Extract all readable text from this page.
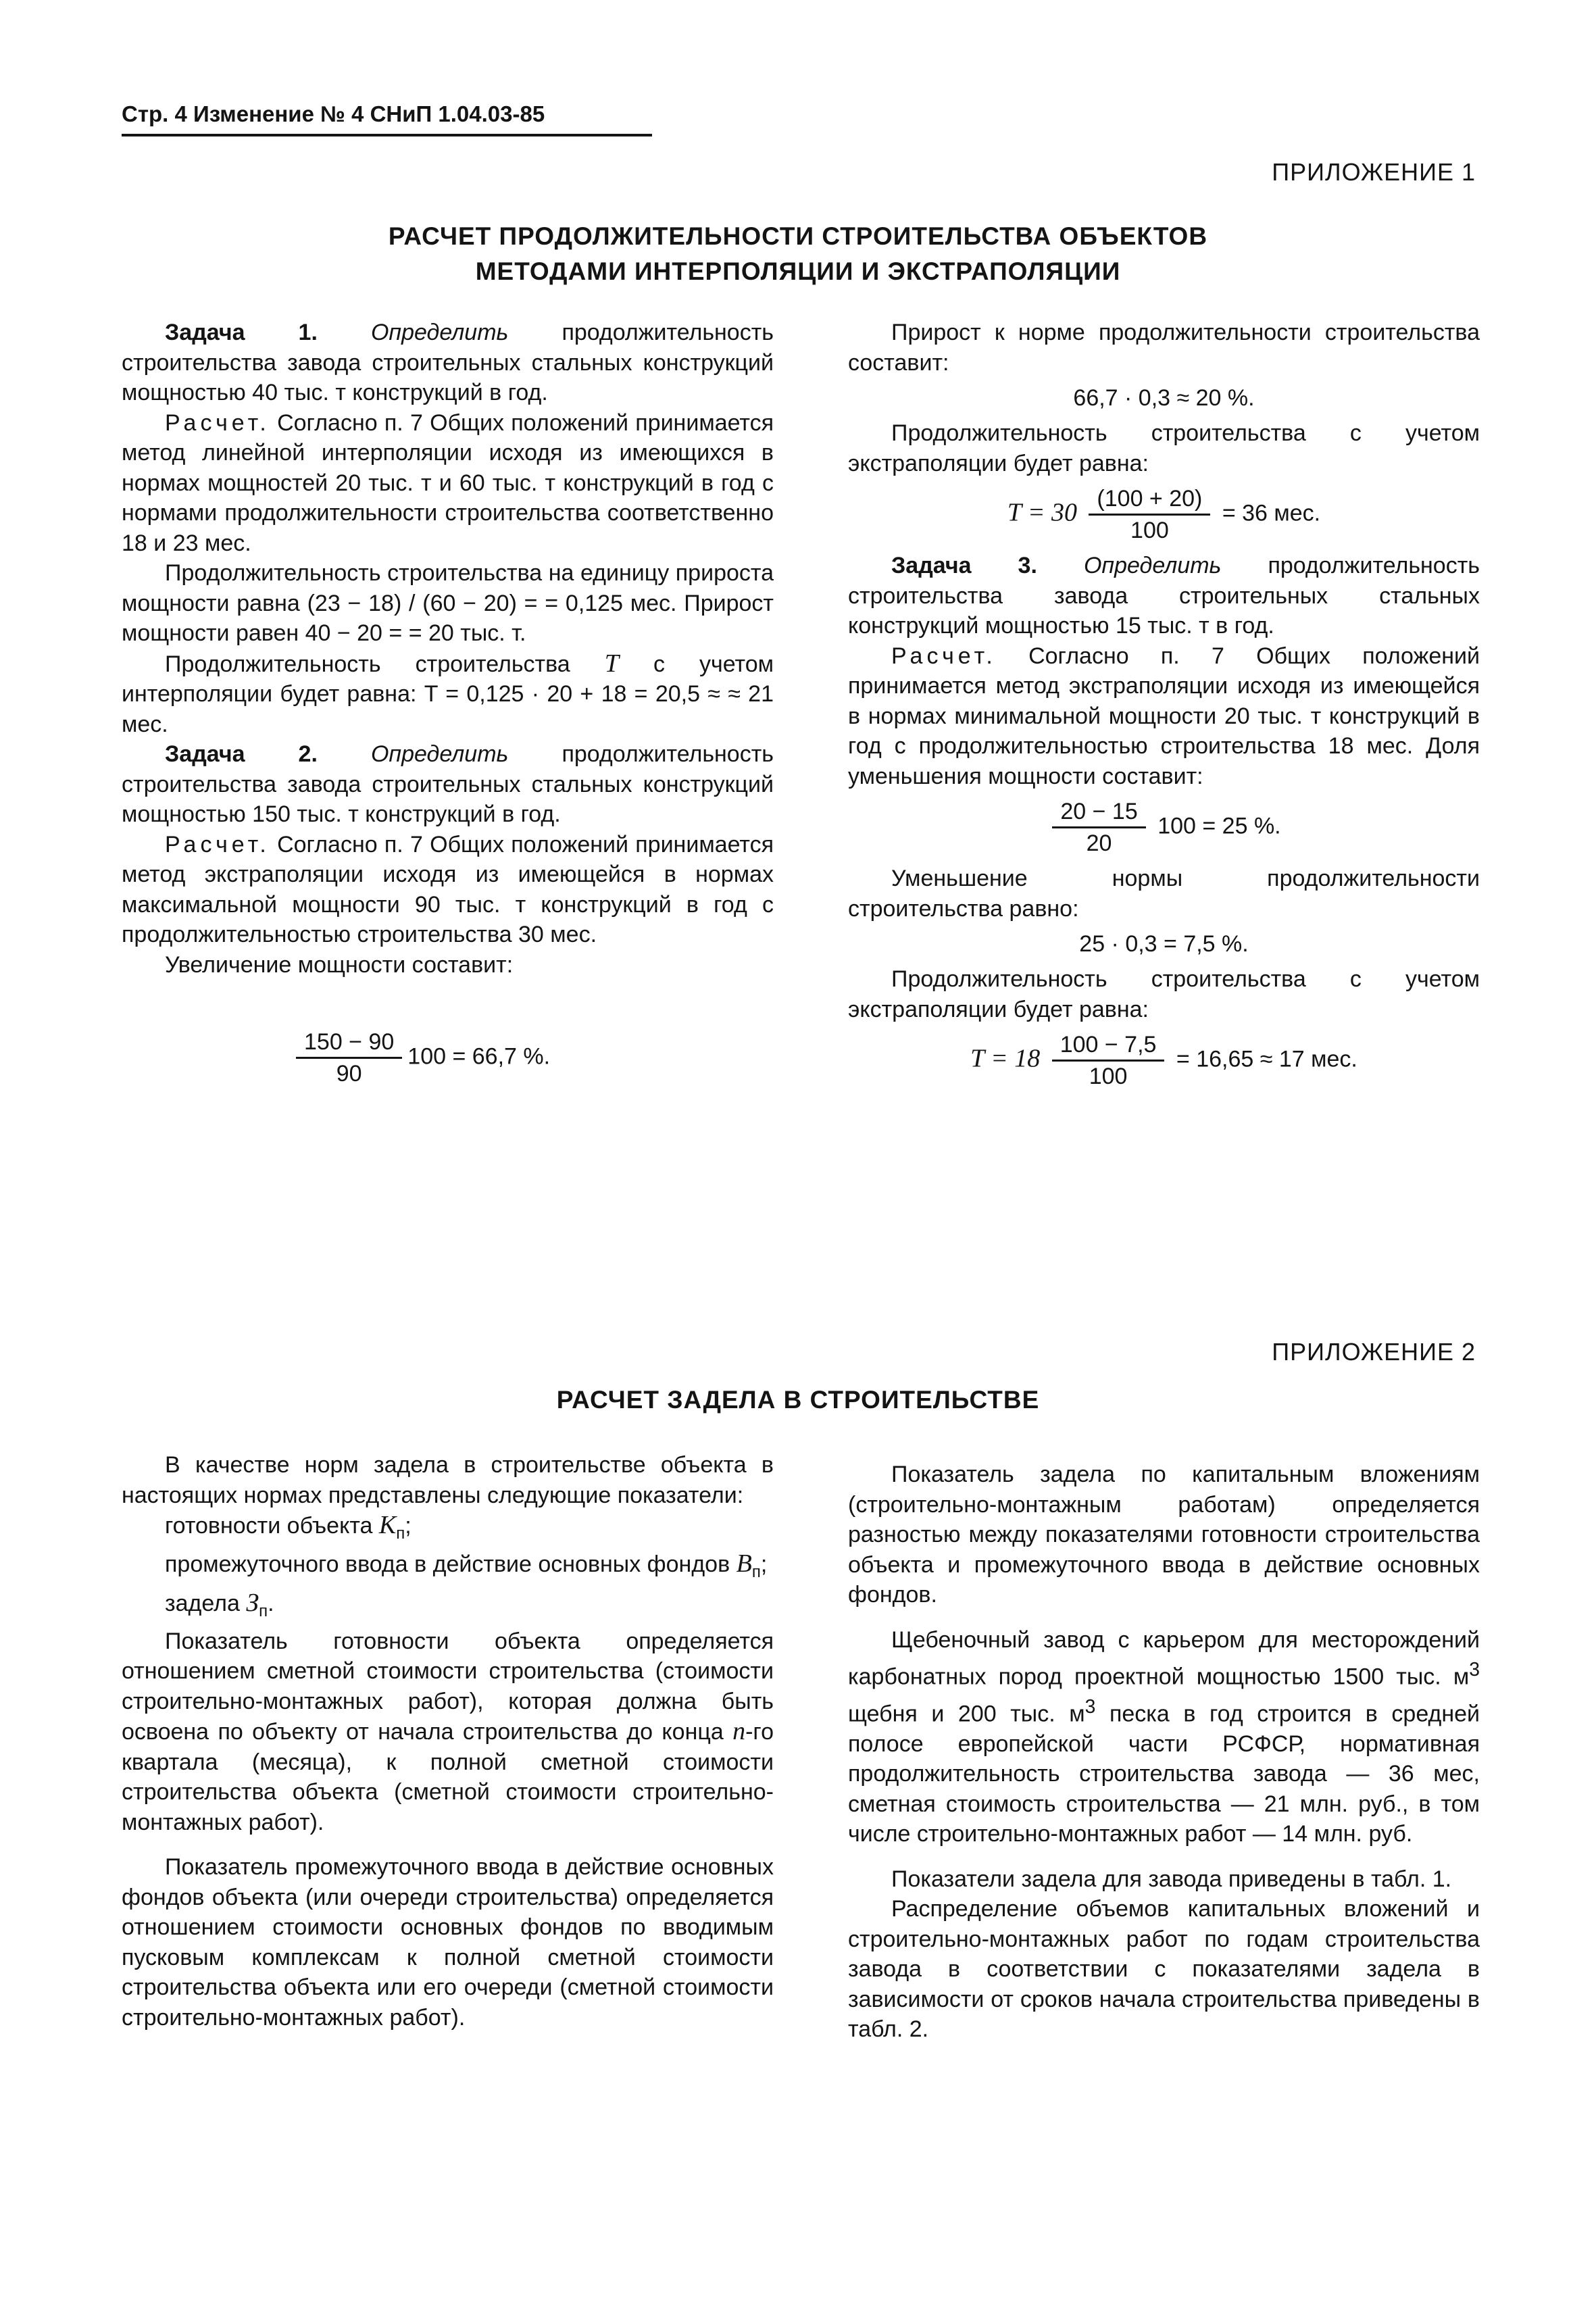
Стр. 4 Изменение № 4 СНиП 1.04.03-85
ПРИЛОЖЕНИЕ 1
РАСЧЕТ ПРОДОЛЖИТЕЛЬНОСТИ СТРОИТЕЛЬСТВА ОБЪЕКТОВ
МЕТОДАМИ ИНТЕРПОЛЯЦИИ И ЭКСТРАПОЛЯЦИИ

Задача 1. Определить продолжительность строительства завода строительных стальных конструкций мощностью 40 тыс. т конструкций в год.

Расчет. Согласно п. 7 Общих положений принимается метод линейной интерполяции исходя из имеющихся в нормах мощностей 20 тыс. т и 60 тыс. т конструкций в год с нормами продолжительности строительства соответственно 18 и 23 мес.

Продолжительность строительства на единицу прироста мощности равна (23 − 18) / (60 − 20) = = 0,125 мес. Прирост мощности равен 40 − 20 = = 20 тыс. т.

Продолжительность строительства T с учетом интерполяции будет равна: T = 0,125 · 20 + 18 = 20,5 ≈ ≈ 21 мес.

Задача 2. Определить продолжительность строительства завода строительных стальных конструкций мощностью 150 тыс. т конструкций в год.

Расчет. Согласно п. 7 Общих положений принимается метод экстраполяции исходя из имеющейся в нормах максимальной мощности 90 тыс. т конструкций в год с продолжительностью строительства 30 мес.

Увеличение мощности составит:

$\frac{150 - 90}{90} 100 = 66,7$ %.

Прирост к норме продолжительности строительства составит:

66,7 · 0,3 ≈ 20 %.

Продолжительность строительства с учетом экстраполяции будет равна:

$T = 30 \frac{(100 + 20)}{100} = 36$ мес.

Задача 3. Определить продолжительность строительства завода строительных стальных конструкций мощностью 15 тыс. т в год.

Расчет. Согласно п. 7 Общих положений принимается метод экстраполяции исходя из имеющейся в нормах минимальной мощности 20 тыс. т конструкций в год с продолжительностью строительства 18 мес. Доля уменьшения мощности составит:

$\frac{20 - 15}{20} 100 = 25$ %.

Уменьшение нормы продолжительности строительства равно:

25 · 0,3 = 7,5 %.

Продолжительность строительства с учетом экстраполяции будет равна:

$T = 18 \frac{100 - 7,5}{100} = 16,65 \approx 17$ мес.
ПРИЛОЖЕНИЕ 2
РАСЧЕТ ЗАДЕЛА В СТРОИТЕЛЬСТВЕ

В качестве норм задела в строительстве объекта в настоящих нормах представлены следующие показатели:

готовности объекта $K_п$;

промежуточного ввода в действие основных фондов $B_п$;

задела $З_п$.

Показатель готовности объекта определяется отношением сметной стоимости строительства (стоимости строительно-монтажных работ), которая должна быть освоена по объекту от начала строительства до конца n-го квартала (месяца), к полной сметной стоимости строительства объекта (сметной стоимости строительно-монтажных работ).

Показатель промежуточного ввода в действие основных фондов объекта (или очереди строительства) определяется отношением стоимости основных фондов по вводимым пусковым комплексам к полной сметной стоимости строительства объекта или его очереди (сметной стоимости строительно-монтажных работ).

Показатель задела по капитальным вложениям (строительно-монтажным работам) определяется разностью между показателями готовности строительства объекта и промежуточного ввода в действие основных фондов.

Щебеночный завод с карьером для месторождений карбонатных пород проектной мощностью 1500 тыс. $м^3$ щебня и 200 тыс. $м^3$ песка в год строится в средней полосе европейской части РСФСР, нормативная продолжительность строительства завода — 36 мес, сметная стоимость строительства — 21 млн. руб., в том числе строительно-монтажных работ — 14 млн. руб.

Показатели задела для завода приведены в табл. 1.

Распределение объемов капитальных вложений и строительно-монтажных работ по годам строительства завода в соответствии с показателями задела в зависимости от сроков начала строительства приведены в табл. 2.
